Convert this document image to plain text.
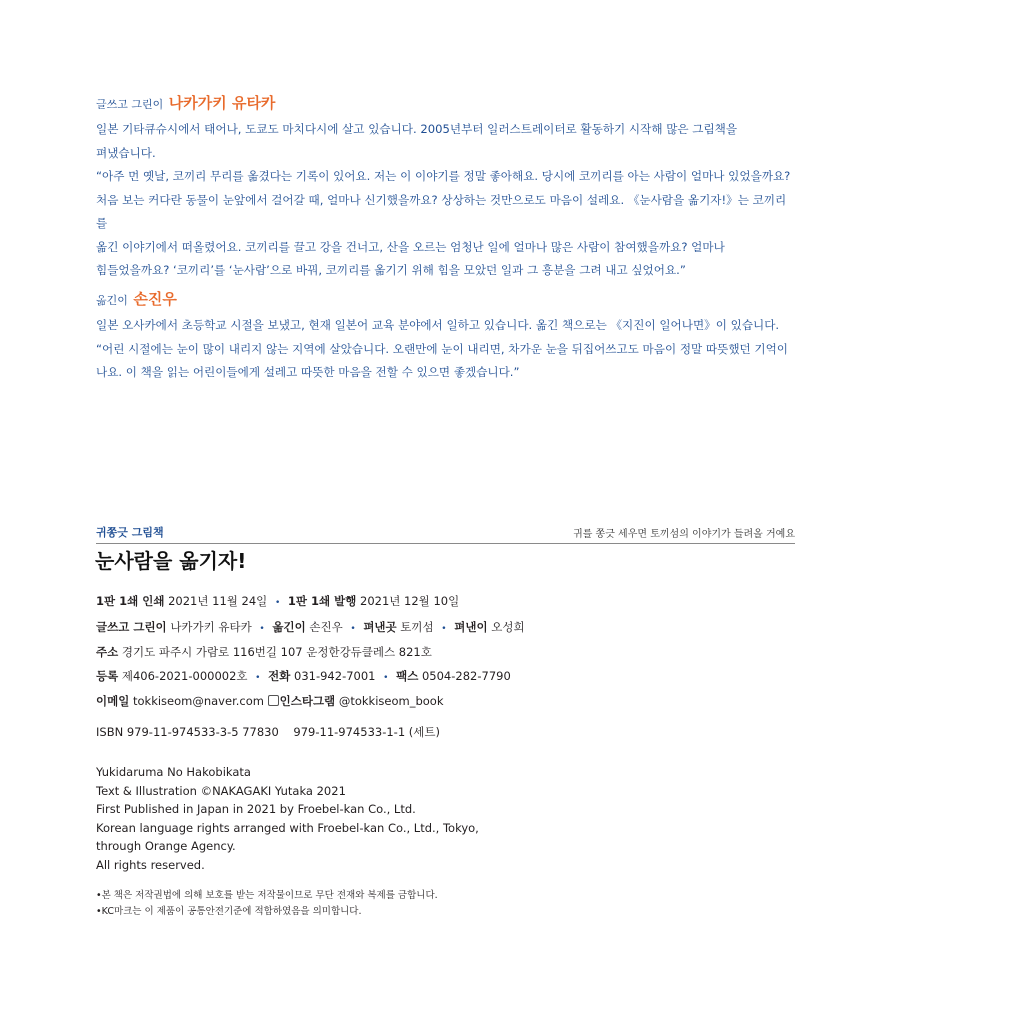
글쓰고 그린이 나카가키 유타카
일본 기타큐슈시에서 태어나, 도쿄도 마치다시에 살고 있습니다. 2005년부터 일러스트레이터로 활동하기 시작해 많은 그림책을
펴냈습니다.
“아주 먼 옛날, 코끼리 무리를 옮겼다는 기록이 있어요. 저는 이 이야기를 정말 좋아해요. 당시에 코끼리를 아는 사람이 얼마나 있었을까요?
처음 보는 커다란 동물이 눈앞에서 걸어갈 때, 얼마나 신기했을까요? 상상하는 것만으로도 마음이 설레요. 《눈사람을 옮기자!》는 코끼리를
옮긴 이야기에서 떠올렸어요. 코끼리를 끌고 강을 건너고, 산을 오르는 엄청난 일에 얼마나 많은 사람이 참여했을까요? 얼마나
힘들었을까요? ‘코끼리’를 ‘눈사람’으로 바꿔, 코끼리를 옮기기 위해 힘을 모았던 일과 그 흥분을 그려 내고 싶었어요.”
옮긴이 손진우
일본 오사카에서 초등학교 시절을 보냈고, 현재 일본어 교육 분야에서 일하고 있습니다. 옮긴 책으로는 《지진이 일어나면》이 있습니다.
“어린 시절에는 눈이 많이 내리지 않는 지역에 살았습니다. 오랜만에 눈이 내리면, 차가운 눈을 뒤집어쓰고도 마음이 정말 따뜻했던 기억이
나요. 이 책을 읽는 어린이들에게 설레고 따뜻한 마음을 전할 수 있으면 좋겠습니다.”
귀쫑긋 그림책	귀를 쫑긋 세우면 토끼섬의 이야기가 들려올 거예요
눈사람을 옮기자!
1판 1쇄 인쇄 2021년 11월 24일 • 1판 1쇄 발행 2021년 12월 10일
글쓰고 그린이 나카가키 유타카 • 옮긴이 손진우 • 펴낸곳 토끼섬 • 펴낸이 오성희
주소 경기도 파주시 가람로 116번길 107 운정한강듀클레스 821호
등록 제406-2021-000002호 • 전화 031-942-7001 • 팩스 0504-282-7790
이메일 tokkiseom@naver.com 인스타그램 @tokkiseom_book
ISBN 979-11-974533-3-5 77830    979-11-974533-1-1 (세트)
Yukidaruma No Hakobikata
Text & Illustration ©NAKAGAKI Yutaka 2021
First Published in Japan in 2021 by Froebel-kan Co., Ltd.
Korean language rights arranged with Froebel-kan Co., Ltd., Tokyo,
through Orange Agency.
All rights reserved.
•본 책은 저작권법에 의해 보호를 받는 저작물이므로 무단 전재와 복제를 금합니다.
•KC마크는 이 제품이 공통안전기준에 적합하였음을 의미합니다.
